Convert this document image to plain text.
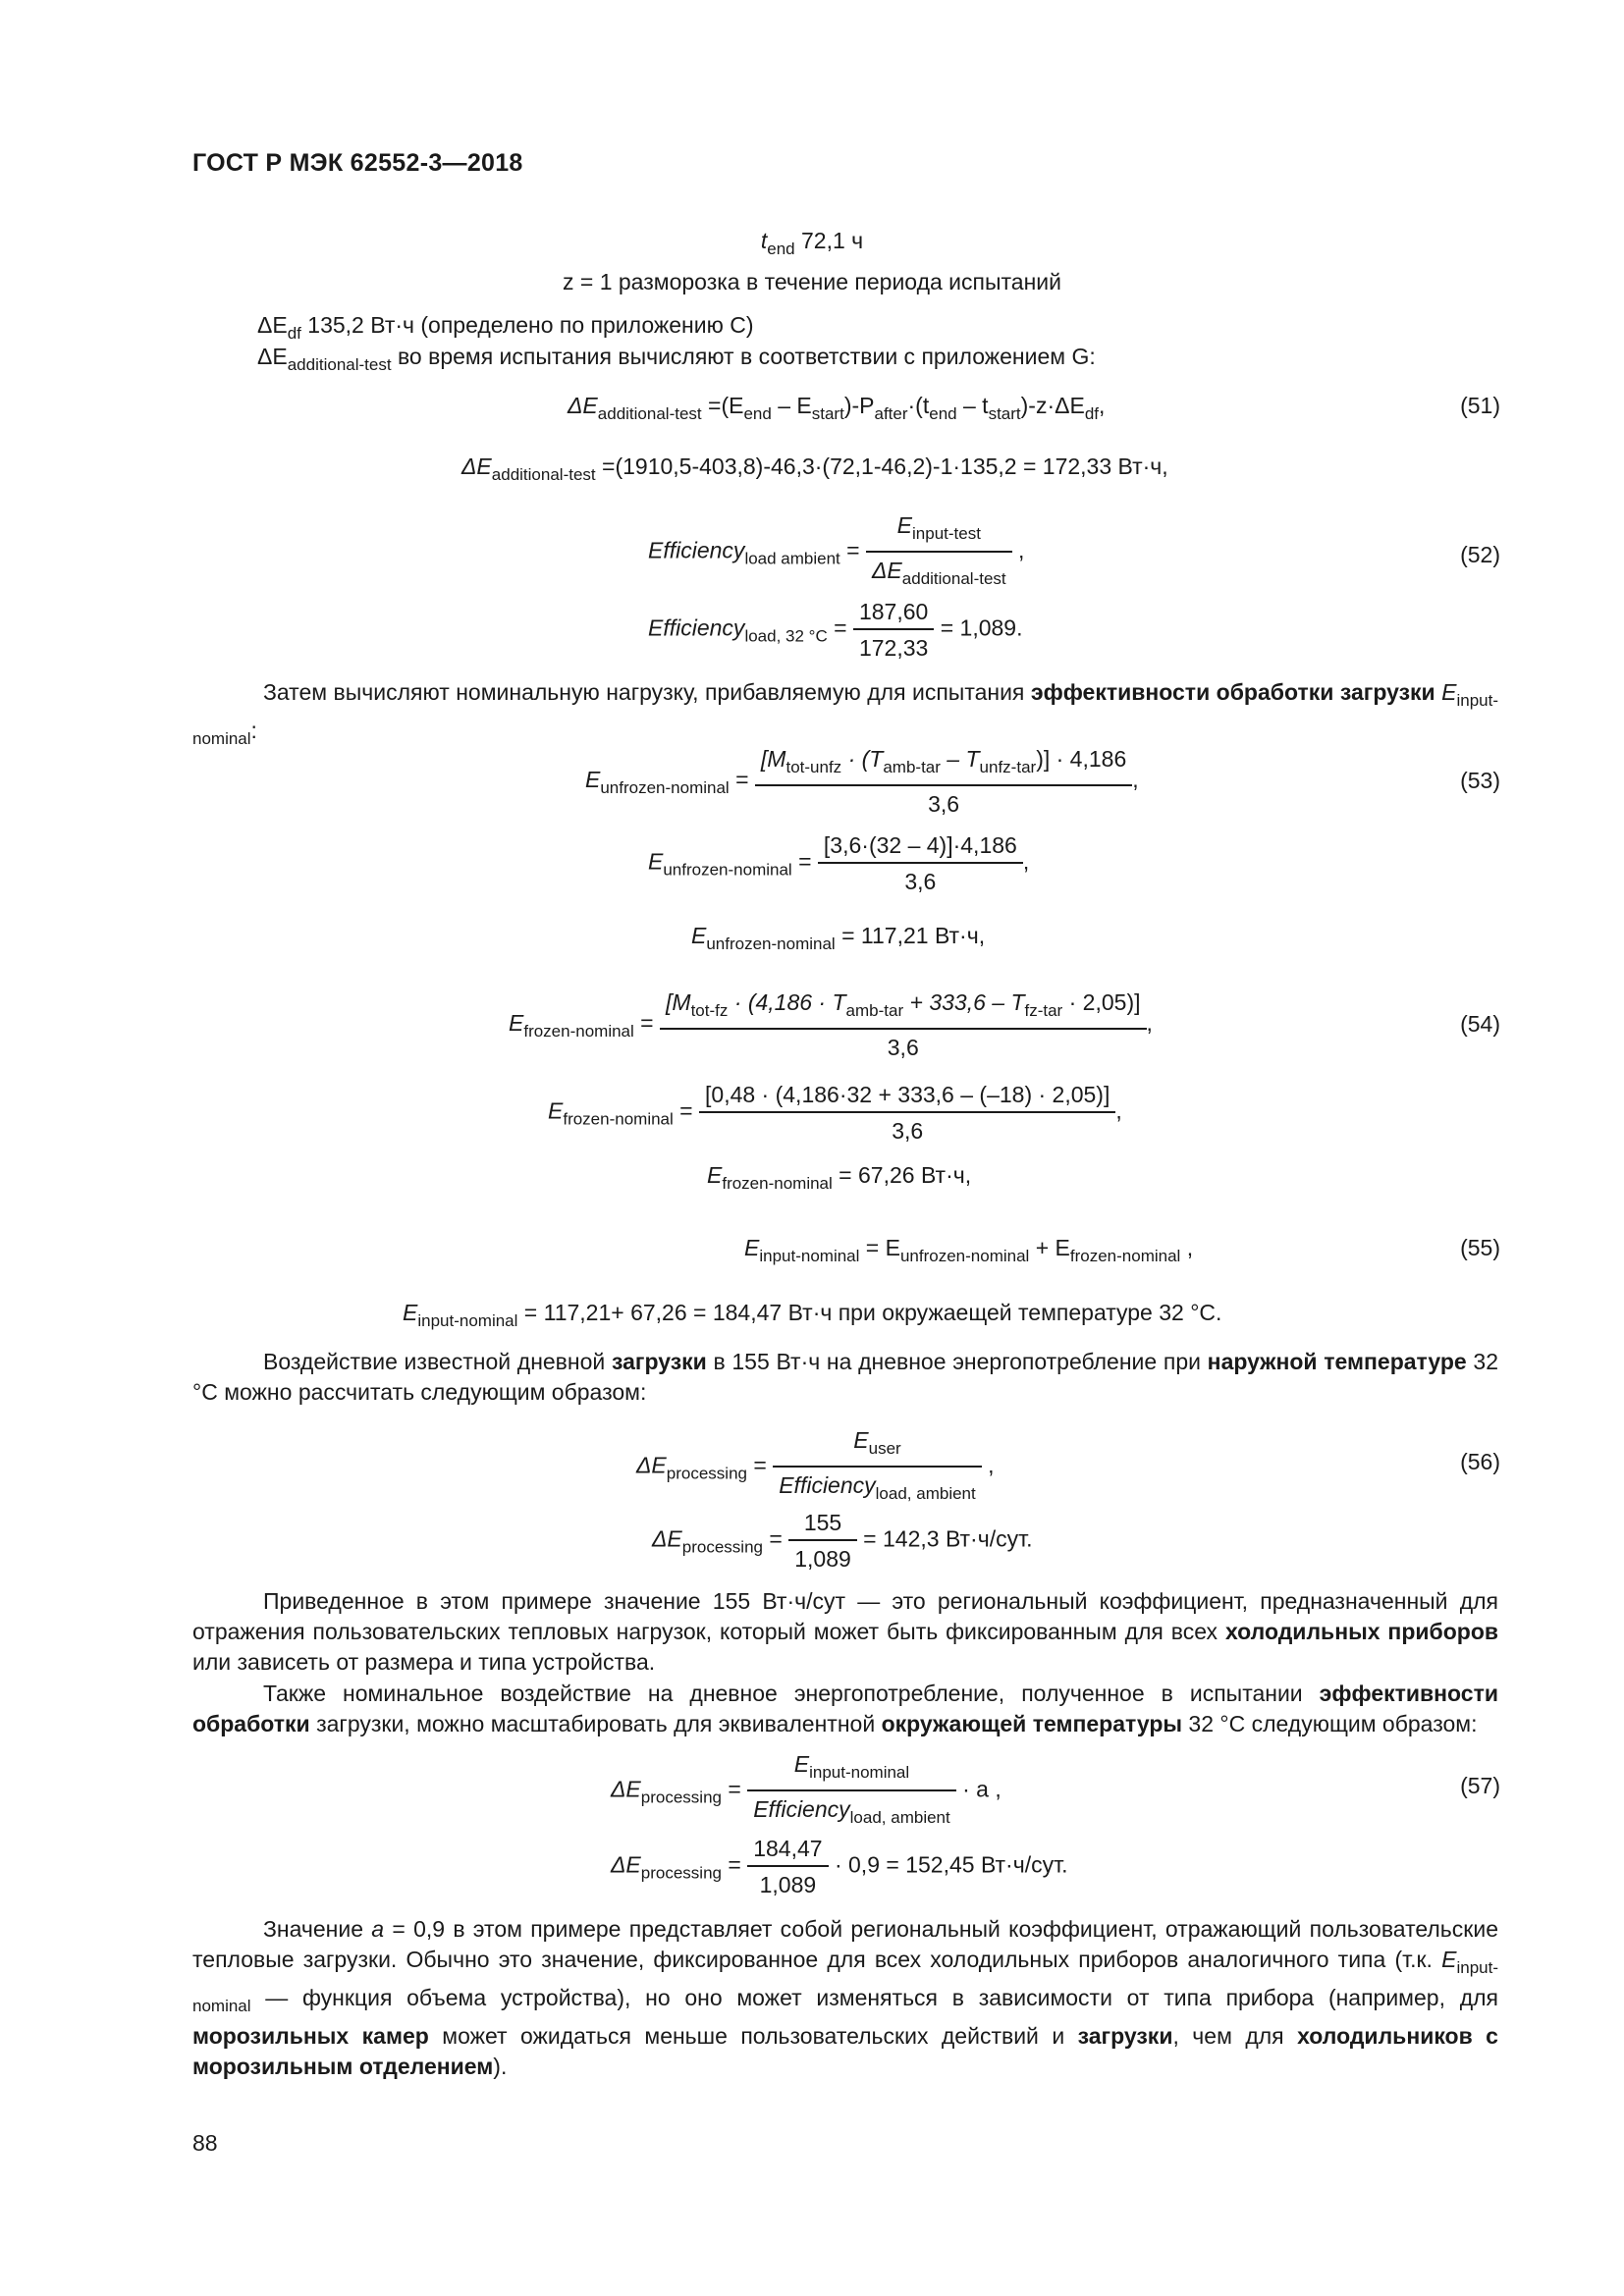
ГОСТ Р МЭК 62552-3—2018
$t_{end}$ 72,1 ч
z = 1 разморозка в течение периода испытаний
$\Delta E_{df}$ 135,2 Вт·ч (определено по приложению С)
$\Delta E_{additional-test}$ во время испытания вычисляют в соответствии с приложением G:
$\Delta E_{additional-test} =(E_{end} - E_{start})-P_{after}\cdot(t_{end} - t_{start})-z\cdot\Delta E_{df}$,	(51)
$\Delta E_{additional-test} =(1910,5-403,8)-46,3\cdot(72,1-46,2)-1\cdot 135,2 = 172,33$ Вт·ч,
Efficiency$_{load ambient}$ = $\frac{E_{input-test}}{\Delta E_{additional-test}}$ ,	(52)
Efficiency$_{load, 32 ^\circ C}$ = $\frac{187,60}{172,33} = 1,089$.
Затем вычисляют номинальную нагрузку, прибавляемую для испытания эффективности обработки загрузки $E_{input-nominal}$:
$E_{unfrozen-nominal} = \frac{[M_{tot-unfz} \cdot (T_{amb-tar} - T_{unfz-tar})] \cdot 4,186}{3,6}$ ,	(53)
$E_{unfrozen-nominal} = \frac{[3,6\cdot(32 - 4)]\cdot 4,186}{3,6}$ ,
$E_{unfrozen-nominal} = 117,21$ Вт·ч,
$E_{frozen-nominal} = \frac{[M_{tot-fz} \cdot (4,186 \cdot T_{amb-tar} + 333,6 - T_{fz-tar} \cdot 2,05)]}{3,6}$ ,	(54)
$E_{frozen-nominal} = \frac{[0,48 \cdot (4,186\cdot 32 + 333,6 - (-18) \cdot 2,05)]}{3,6}$ ,
$E_{frozen-nominal} = 67,26$ Вт·ч,
$E_{input-nominal} = E_{unfrozen-nominal} + E_{frozen-nominal}$ ,	(55)
$E_{input-nominal} = 117,21+ 67,26 = 184,47$ Вт·ч при окружаещей температуре 32 °С.
Воздействие известной дневной загрузки в 155 Вт·ч на дневное энергопотребление при наружной температуре 32 °С можно рассчитать следующим образом:
$\Delta E_{processing} = \frac{E_{user}}{Efficiency_{load, ambient}}$ ,	(56)
$\Delta E_{processing} = \frac{155}{1,089} = 142,3$ Вт·ч/сут.
Приведенное в этом примере значение 155 Вт·ч/сут — это региональный коэффициент, предназначенный для отражения пользовательских тепловых нагрузок, который может быть фиксированным для всех холодильных приборов или зависеть от размера и типа устройства.
Также номинальное воздействие на дневное энергопотребление, полученное в испытании эффективности обработки загрузки, можно масштабировать для эквивалентной окружающей температуры 32 °С следующим образом:
$\Delta E_{processing} = \frac{E_{input-nominal}}{Efficiency_{load, ambient}} \cdot a$ ,	(57)
$\Delta E_{processing} = \frac{184,47}{1,089} \cdot 0,9 = 152,45$ Вт·ч/сут.
Значение a = 0,9 в этом примере представляет собой региональный коэффициент, отражающий пользовательские тепловые загрузки. Обычно это значение, фиксированное для всех холодильных приборов аналогичного типа (т.к. $E_{input-nominal}$ — функция объема устройства), но оно может изменяться в зависимости от типа прибора (например, для морозильных камер может ожидаться меньше пользовательских действий и загрузки, чем для холодильников с морозильным отделением).
88
